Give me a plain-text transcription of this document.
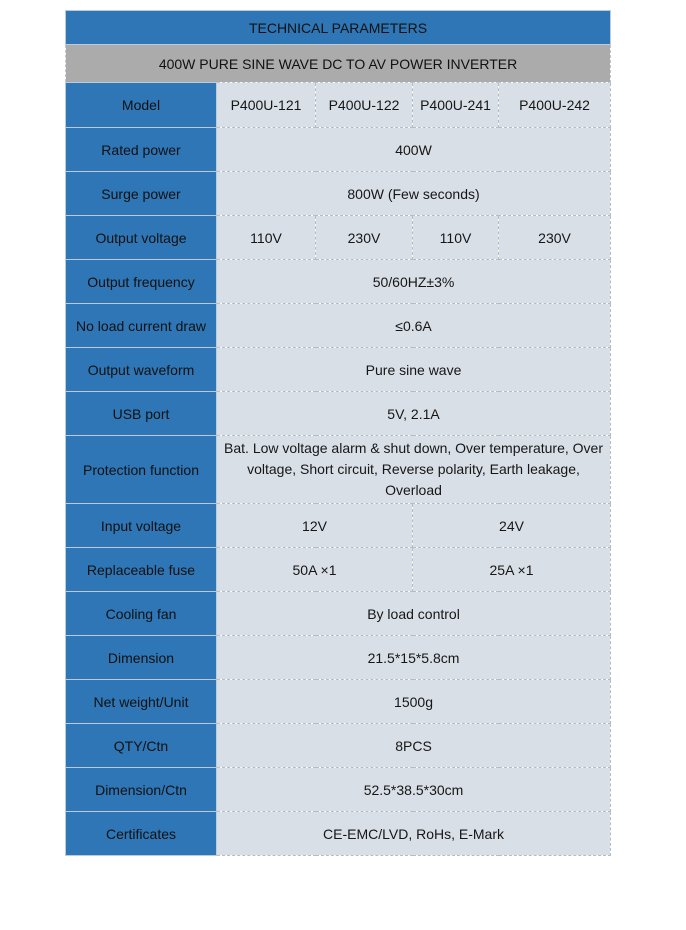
TECHNICAL PARAMETERS				
400W PURE SINE WAVE DC TO AV POWER INVERTER				
Model	P400U-121	P400U-122	P400U-241	P400U-242
Rated power	400W			
Surge power	800W (Few seconds)			
Output voltage	110V	230V	110V	230V
Output frequency	50/60HZ±3%			
No load current draw	≤0.6A			
Output waveform	Pure sine wave			
USB port	5V, 2.1A			
Protection function	Bat. Low voltage alarm & shut down, Over temperature, Over voltage, Short circuit, Reverse polarity, Earth leakage, Overload			
Input voltage	12V		24V	
Replaceable fuse	50A ×1		25A ×1	
Cooling fan	By load control			
Dimension	21.5*15*5.8cm			
Net weight/Unit	1500g			
QTY/Ctn	8PCS			
Dimension/Ctn	52.5*38.5*30cm			
Certificates	CE-EMC/LVD, RoHs, E-Mark			
